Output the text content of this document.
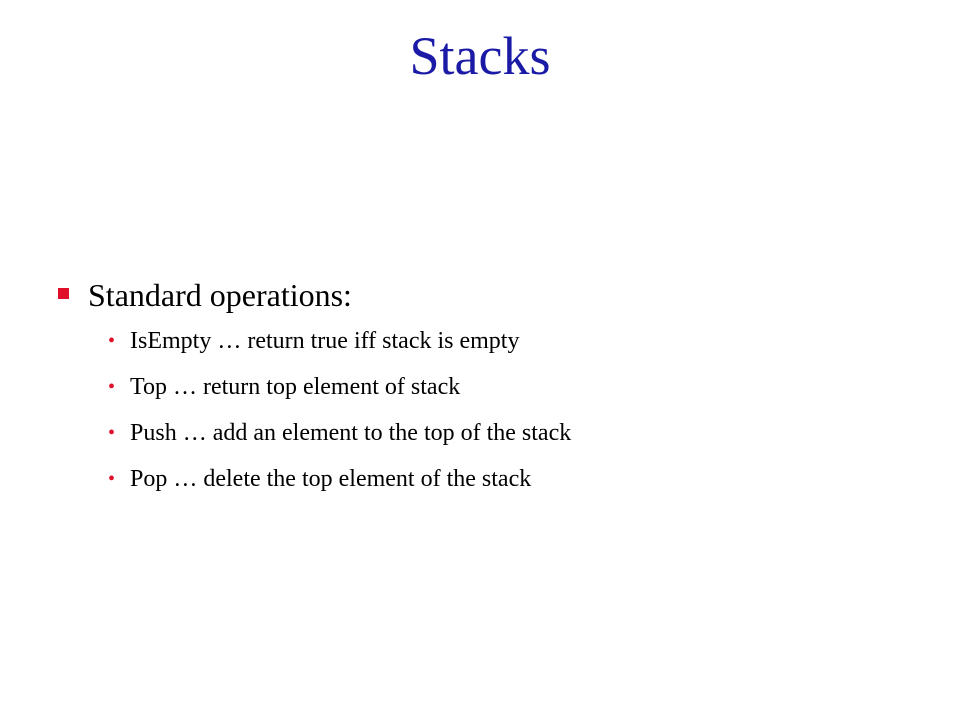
Stacks
Standard operations:
• IsEmpty … return true iff stack is empty
• Top … return top element of stack
• Push … add an element to the top of the stack
• Pop … delete the top element of the stack
